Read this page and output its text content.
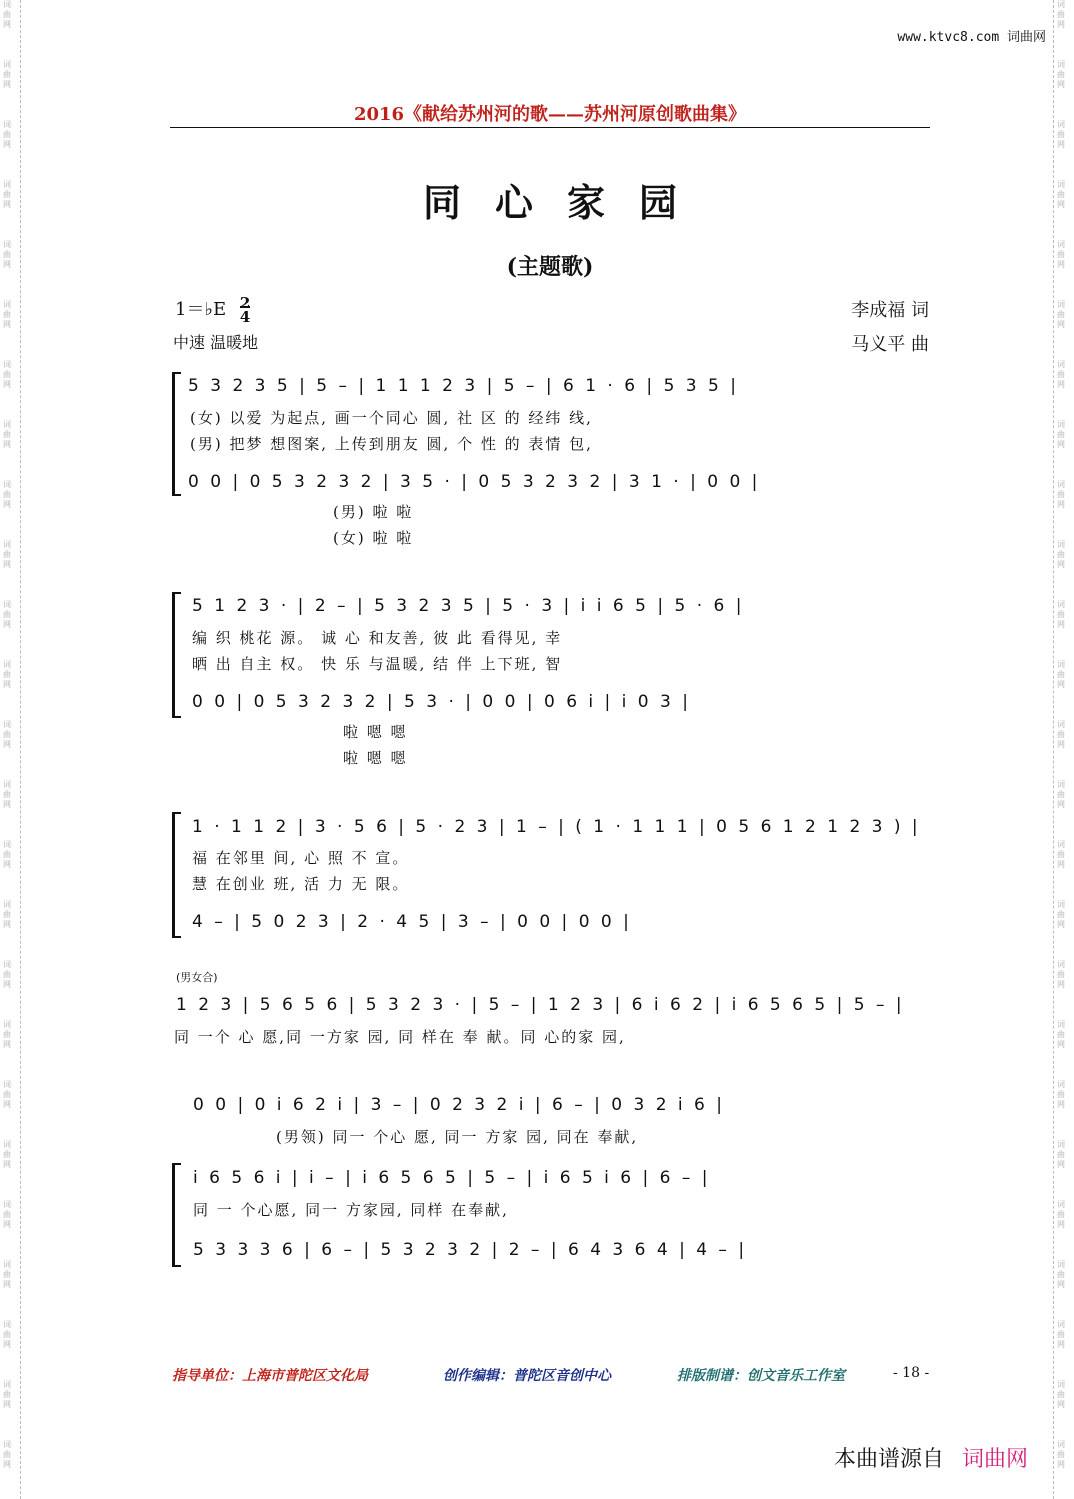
词曲网
词曲网
词曲网
词曲网
词曲网
词曲网
词曲网
词曲网
词曲网
词曲网
词曲网
词曲网
词曲网
词曲网
词曲网
词曲网
词曲网
词曲网
词曲网
词曲网
词曲网
词曲网
词曲网
词曲网
词曲网
词曲网
词曲网
词曲网
词曲网
词曲网
词曲网
词曲网
词曲网
词曲网
词曲网
词曲网
词曲网
词曲网
词曲网
词曲网
词曲网
词曲网
词曲网
词曲网
词曲网
词曲网
词曲网
词曲网
词曲网
词曲网
www.ktvc8.com 词曲网
2016《献给苏州河的歌——苏州河原创歌曲集》
同心家园
(主题歌)
1＝♭E 2
4
中速 温暖地
李成福 词
马义平 曲
5 3 2 3 5 | 5 – | 1 1 1 2 3 | 5 – | 6 1 · 6 | 5 3 5 |
(女) 以爱 为起点, 画一个同心 圆, 社 区 的 经纬 线,
(男) 把梦 想图案, 上传到朋友 圆, 个 性 的 表情 包,
0 0 | 0 5 3 2 3 2 | 3 5 · | 0 5 3 2 3 2 | 3 1 · | 0 0 |
(男) 啦 啦
(女) 啦 啦
5 1 2 3 · | 2 – | 5 3 2 3 5 | 5 · 3 | i i 6 5 | 5 · 6 |
编 织 桃花 源。 诚 心 和友善, 彼 此 看得见, 幸
晒 出 自主 权。 快 乐 与温暖, 结 伴 上下班, 智
0 0 | 0 5 3 2 3 2 | 5 3 · | 0 0 | 0 6 i | i 0 3 |
啦 嗯 嗯
啦 嗯 嗯
1 · 1 1 2 | 3 · 5 6 | 5 · 2 3 | 1 – | ( 1 · 1 1 1 | 0 5 6 1 2 1 2 3 ) |
福 在邻里 间, 心 照 不 宣。
慧 在创业 班, 活 力 无 限。
4 – | 5 0 2 3 | 2 · 4 5 | 3 – | 0 0 | 0 0 |
(男女合)
1 2 3 | 5 6 5 6 | 5 3 2 3 · | 5 – | 1 2 3 | 6 i 6 2 | i 6 5 6 5 | 5 – |
同 一个 心 愿,同 一方家 园, 同 样在 奉 献。同 心的家 园,
0 0 | 0 i 6 2 i | 3 – | 0 2 3 2 i | 6 – | 0 3 2 i 6 |
(男领) 同一 个心 愿, 同一 方家 园, 同在 奉献,
i 6 5 6 i | i – | i 6 5 6 5 | 5 – | i 6 5 i 6 | 6 – |
同 一 个心愿, 同一 方家园, 同样 在奉献,
5 3 3 3 6 | 6 – | 5 3 2 3 2 | 2 – | 6 4 3 6 4 | 4 – |
指导单位：上海市普陀区文化局	创作编辑：普陀区音创中心	排版制谱：创文音乐工作室	- 18 -
本曲谱源自 词曲网
